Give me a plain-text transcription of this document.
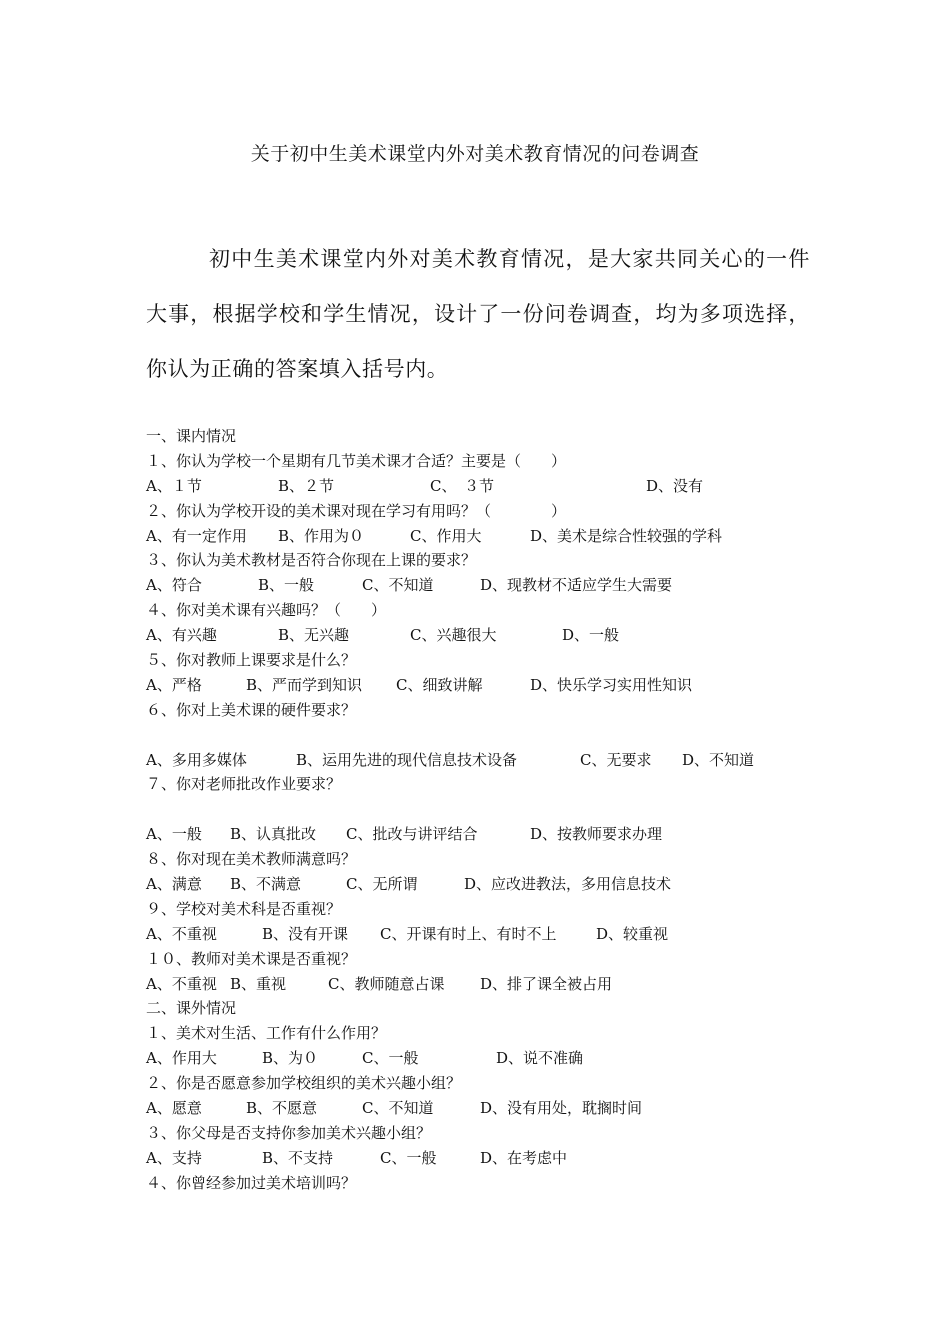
关于初中生美术课堂内外对美术教育情况的问卷调查
初中生美术课堂内外对美术教育情况，是大家共同关心的一件大事，根据学校和学生情况，设计了一份问卷调查，均为多项选择，你认为正确的答案填入括号内。
一、课内情况
１、你认为学校一个星期有几节美术课才合适？主要是（　　）
A、１节	B、２节	C、　３节	D、没有
２、你认为学校开设的美术课对现在学习有用吗？（　　　　）
A、有一定作用 B、作用为０	C、作用大	D、美术是综合性较强的学科
３、你认为美术教材是否符合你现在上课的要求？
A、符合	B、一般	C、不知道	D、现教材不适应学生大需要
４、你对美术课有兴趣吗？（　　）
A、有兴趣	B、无兴趣	C、兴趣很大	D、一般
５、你对教师上课要求是什么？
A、严格	B、严而学到知识 C、细致讲解	D、快乐学习实用性知识
６、你对上美术课的硬件要求？
A、多用多媒体	B、运用先进的现代信息技术设备	C、无要求 D、不知道
７、你对老师批改作业要求？
A、一般 B、认真批改 C、批改与讲评结合	D、按教师要求办理
８、你对现在美术教师满意吗？
A、满意 B、不满意	C、无所谓	D、应改进教法，多用信息技术
９、学校对美术科是否重视？
A、不重视	B、没有开课 C、开课有时上、有时不上	D、较重视
１０、教师对美术课是否重视？
A、不重视 B、重视	C、教师随意占课 D、排了课全被占用
二、课外情况
１、美术对生活、工作有什么作用？
A、作用大	B、为０	C、一般	D、说不准确
２、你是否愿意参加学校组织的美术兴趣小组？
A、愿意	B、不愿意	C、不知道	D、没有用处，耽搁时间
３、你父母是否支持你参加美术兴趣小组？
A、支持	B、不支持	C、一般	D、在考虑中
４、你曾经参加过美术培训吗？
